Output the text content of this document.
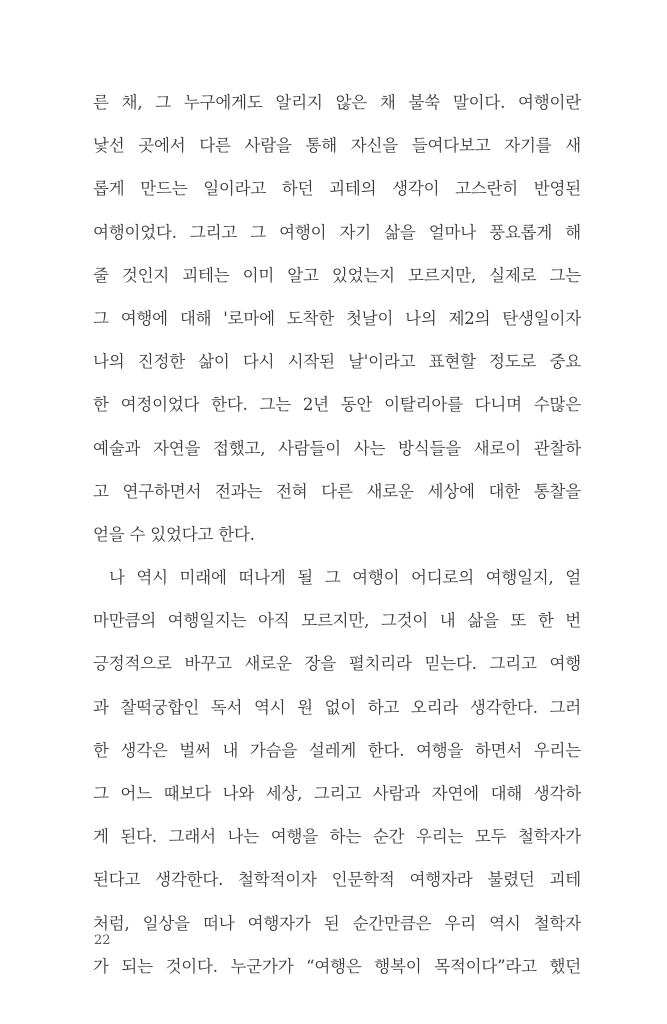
른 채, 그 누구에게도 알리지 않은 채 불쑥 말이다. 여행이란
낯선 곳에서 다른 사람을 통해 자신을 들여다보고 자기를 새
롭게 만드는 일이라고 하던 괴테의 생각이 고스란히 반영된
여행이었다. 그리고 그 여행이 자기 삶을 얼마나 풍요롭게 해
줄 것인지 괴테는 이미 알고 있었는지 모르지만, 실제로 그는
그 여행에 대해 '로마에 도착한 첫날이 나의 제2의 탄생일이자
나의 진정한 삶이 다시 시작된 날'이라고 표현할 정도로 중요
한 여정이었다 한다. 그는 2년 동안 이탈리아를 다니며 수많은
예술과 자연을 접했고, 사람들이 사는 방식들을 새로이 관찰하
고 연구하면서 전과는 전혀 다른 새로운 세상에 대한 통찰을
얻을 수 있었다고 한다.
나 역시 미래에 떠나게 될 그 여행이 어디로의 여행일지, 얼
마만큼의 여행일지는 아직 모르지만, 그것이 내 삶을 또 한 번
긍정적으로 바꾸고 새로운 장을 펼치리라 믿는다. 그리고 여행
과 찰떡궁합인 독서 역시 원 없이 하고 오리라 생각한다. 그러
한 생각은 벌써 내 가슴을 설레게 한다. 여행을 하면서 우리는
그 어느 때보다 나와 세상, 그리고 사람과 자연에 대해 생각하
게 된다. 그래서 나는 여행을 하는 순간 우리는 모두 철학자가
된다고 생각한다. 철학적이자 인문학적 여행자라 불렸던 괴테
처럼, 일상을 떠나 여행자가 된 순간만큼은 우리 역시 철학자
가 되는 것이다. 누군가가 “여행은 행복이 목적이다”라고 했던
22
